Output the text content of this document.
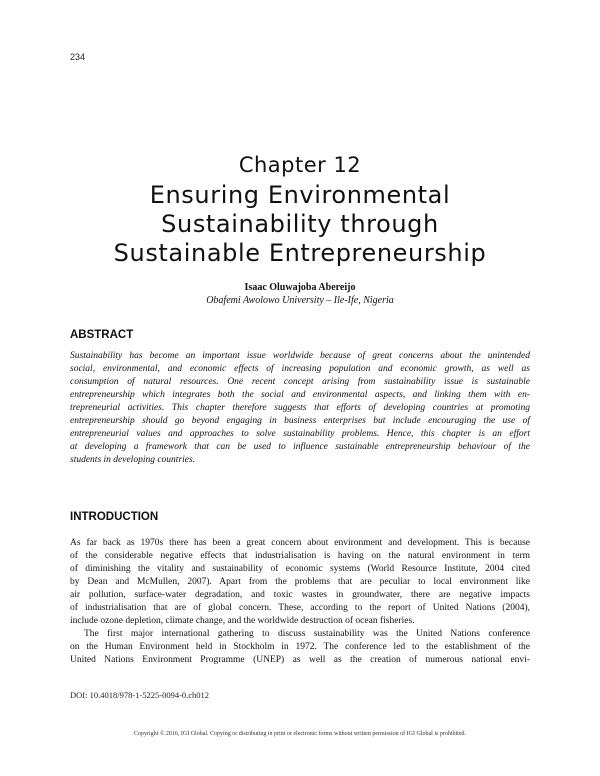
234
Chapter 12
Ensuring Environmental
Sustainability through
Sustainable Entrepreneurship
Isaac Oluwajoba Abereijo
Obafemi Awolowo University – Ile-Ife, Nigeria
ABSTRACT
Sustainability has become an important issue worldwide because of great concerns about the unintended
social, environmental, and economic effects of increasing population and economic growth, as well as
consumption of natural resources. One recent concept arising from sustainability issue is sustainable
entrepreneurship which integrates both the social and environmental aspects, and linking them with en-
trepreneurial activities. This chapter therefore suggests that efforts of developing countries at promoting
entrepreneurship should go beyond engaging in business enterprises but include encouraging the use of
entrepreneurial values and approaches to solve sustainability problems. Hence, this chapter is an effort
at developing a framework that can be used to influence sustainable entrepreneurship behaviour of the
students in developing countries.
INTRODUCTION
As far back as 1970s there has been a great concern about environment and development. This is because
of the considerable negative effects that industrialisation is having on the natural environment in term
of diminishing the vitality and sustainability of economic systems (World Resource Institute, 2004 cited
by Dean and McMullen, 2007). Apart from the problems that are peculiar to local environment like
air pollution, surface-water degradation, and toxic wastes in groundwater, there are negative impacts
of industrialisation that are of global concern. These, according to the report of United Nations (2004),
include ozone depletion, climate change, and the worldwide destruction of ocean fisheries.
The first major international gathering to discuss sustainability was the United Nations conference
on the Human Environment held in Stockholm in 1972. The conference led to the establishment of the
United Nations Environment Programme (UNEP) as well as the creation of numerous national envi-
DOI: 10.4018/978-1-5225-0094-0.ch012
Copyright © 2016, IGI Global. Copying or distributing in print or electronic forms without written permission of IGI Global is prohibited.
